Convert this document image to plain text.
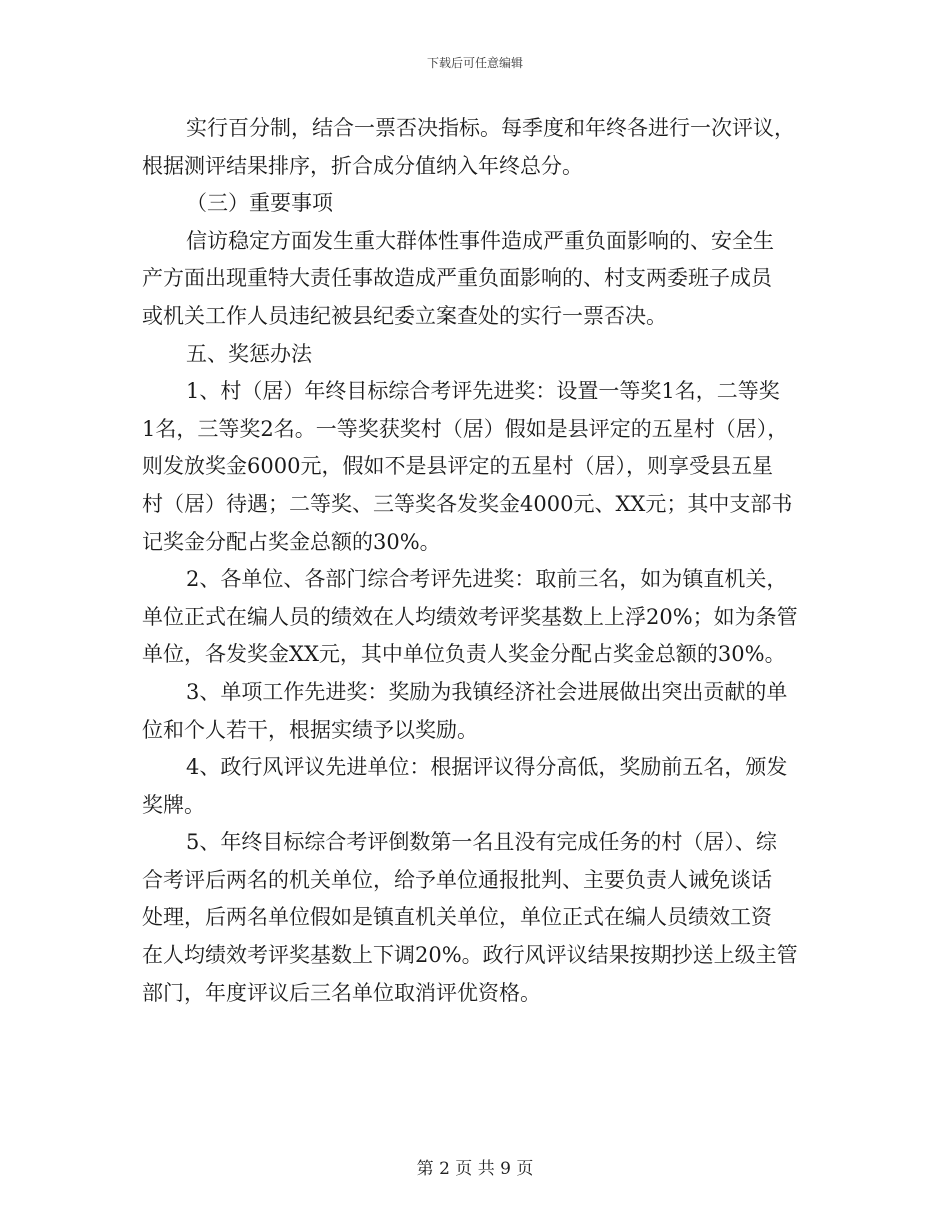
下载后可任意编辑
实行百分制，结合一票否决指标。每季度和年终各进行一次评议，
根据测评结果排序，折合成分值纳入年终总分。
（三）重要事项
信访稳定方面发生重大群体性事件造成严重负面影响的、安全生
产方面出现重特大责任事故造成严重负面影响的、村支两委班子成员
或机关工作人员违纪被县纪委立案查处的实行一票否决。
五、奖惩办法
1、村（居）年终目标综合考评先进奖：设置一等奖1名，二等奖
1名，三等奖2名。一等奖获奖村（居）假如是县评定的五星村（居），
则发放奖金6000元，假如不是县评定的五星村（居），则享受县五星
村（居）待遇；二等奖、三等奖各发奖金4000元、XX元；其中支部书
记奖金分配占奖金总额的30%。
2、各单位、各部门综合考评先进奖：取前三名，如为镇直机关，
单位正式在编人员的绩效在人均绩效考评奖基数上上浮20%；如为条管
单位，各发奖金XX元，其中单位负责人奖金分配占奖金总额的30%。
3、单项工作先进奖：奖励为我镇经济社会进展做出突出贡献的单
位和个人若干，根据实绩予以奖励。
4、政行风评议先进单位：根据评议得分高低，奖励前五名，颁发
奖牌。
5、年终目标综合考评倒数第一名且没有完成任务的村（居）、综
合考评后两名的机关单位，给予单位通报批判、主要负责人诫免谈话
处理，后两名单位假如是镇直机关单位，单位正式在编人员绩效工资
在人均绩效考评奖基数上下调20%。政行风评议结果按期抄送上级主管
部门，年度评议后三名单位取消评优资格。
第 2 页 共 9 页
